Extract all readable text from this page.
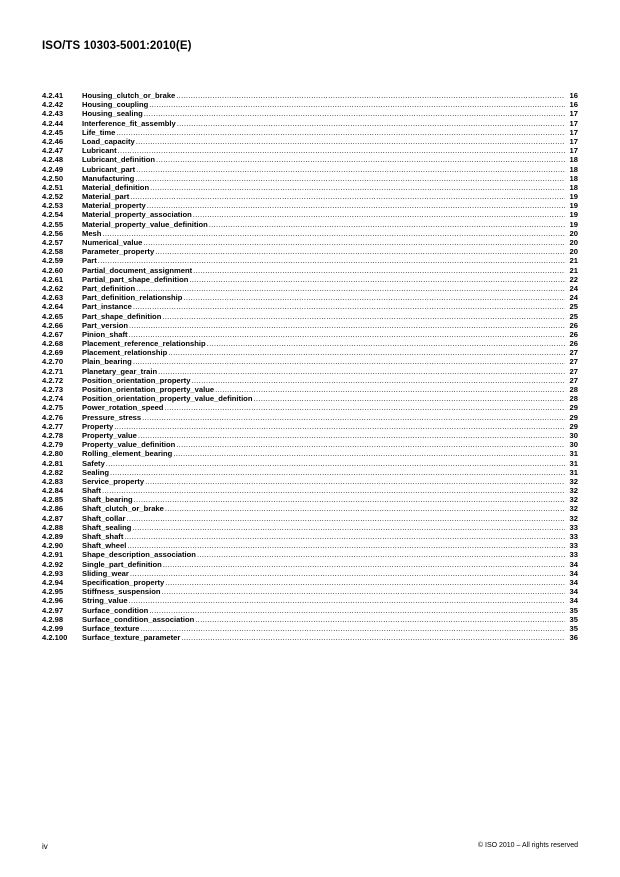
ISO/TS 10303-5001:2010(E)
4.2.41	Housing_clutch_or_brake .....	16
4.2.42	Housing_coupling .....	16
4.2.43	Housing_sealing .....	17
4.2.44	Interference_fit_assembly .....	17
4.2.45	Life_time .....	17
4.2.46	Load_capacity .....	17
4.2.47	Lubricant .....	17
4.2.48	Lubricant_definition .....	18
4.2.49	Lubricant_part .....	18
4.2.50	Manufacturing .....	18
4.2.51	Material_definition .....	18
4.2.52	Material_part .....	19
4.2.53	Material_property .....	19
4.2.54	Material_property_association .....	19
4.2.55	Material_property_value_definition .....	19
4.2.56	Mesh .....	20
4.2.57	Numerical_value .....	20
4.2.58	Parameter_property .....	20
4.2.59	Part .....	21
4.2.60	Partial_document_assignment .....	21
4.2.61	Partial_part_shape_definition .....	22
4.2.62	Part_definition .....	24
4.2.63	Part_definition_relationship .....	24
4.2.64	Part_instance .....	25
4.2.65	Part_shape_definition .....	25
4.2.66	Part_version .....	26
4.2.67	Pinion_shaft .....	26
4.2.68	Placement_reference_relationship .....	26
4.2.69	Placement_relationship .....	27
4.2.70	Plain_bearing .....	27
4.2.71	Planetary_gear_train .....	27
4.2.72	Position_orientation_property .....	27
4.2.73	Position_orientation_property_value .....	28
4.2.74	Position_orientation_property_value_definition .....	28
4.2.75	Power_rotation_speed .....	29
4.2.76	Pressure_stress .....	29
4.2.77	Property .....	29
4.2.78	Property_value .....	30
4.2.79	Property_value_definition .....	30
4.2.80	Rolling_element_bearing .....	31
4.2.81	Safety .....	31
4.2.82	Sealing .....	31
4.2.83	Service_property .....	32
4.2.84	Shaft .....	32
4.2.85	Shaft_bearing .....	32
4.2.86	Shaft_clutch_or_brake .....	32
4.2.87	Shaft_collar .....	32
4.2.88	Shaft_sealing .....	33
4.2.89	Shaft_shaft .....	33
4.2.90	Shaft_wheel .....	33
4.2.91	Shape_description_association .....	33
4.2.92	Single_part_definition .....	34
4.2.93	Sliding_wear .....	34
4.2.94	Specification_property .....	34
4.2.95	Stiffness_suspension .....	34
4.2.96	String_value .....	34
4.2.97	Surface_condition .....	35
4.2.98	Surface_condition_association .....	35
4.2.99	Surface_texture .....	35
4.2.100	Surface_texture_parameter .....	36
iv	© ISO 2010 – All rights reserved
